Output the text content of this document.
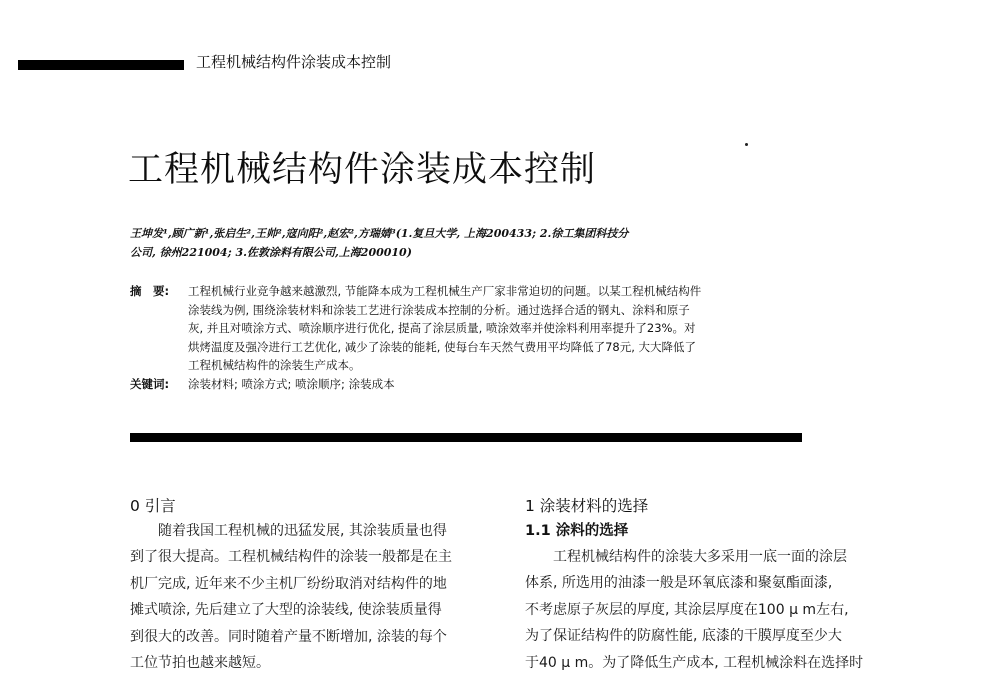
工程机械结构件涂装成本控制
工程机械结构件涂装成本控制

王坤发¹,顾广新¹,张启生²,王帅²,寇向阳²,赵宏²,方瑞婧³(1.复旦大学, 上海200433; 2.徐工集团科技分

公司, 徐州221004; 3.佐敦涂料有限公司,上海200010)

摘　要:	工程机械行业竞争越来越激烈, 节能降本成为工程机械生产厂家非常迫切的问题。以某工程机械结构件

涂装线为例, 围绕涂装材料和涂装工艺进行涂装成本控制的分析。通过选择合适的钢丸、涂料和原子

灰, 并且对喷涂方式、喷涂顺序进行优化, 提高了涂层质量, 喷涂效率并使涂料利用率提升了23%。对

烘烤温度及强冷进行工艺优化, 减少了涂装的能耗, 使每台车天然气费用平均降低了78元, 大大降低了

工程机械结构件的涂装生产成本。

关键词:	涂装材料; 喷涂方式; 喷涂顺序; 涂装成本
0 引言

　　随着我国工程机械的迅猛发展, 其涂装质量也得

到了很大提高。工程机械结构件的涂装一般都是在主

机厂完成, 近年来不少主机厂纷纷取消对结构件的地

摊式喷涂, 先后建立了大型的涂装线, 使涂装质量得

到很大的改善。同时随着产量不断增加, 涂装的每个

工位节拍也越来越短。

1 涂装材料的选择
1.1 涂料的选择

　　工程机械结构件的涂装大多采用一底一面的涂层

体系, 所选用的油漆一般是环氧底漆和聚氨酯面漆,

不考虑原子灰层的厚度, 其涂层厚度在100 μ m左右,

为了保证结构件的防腐性能, 底漆的干膜厚度至少大

于40 μ m。为了降低生产成本, 工程机械涂料在选择时
